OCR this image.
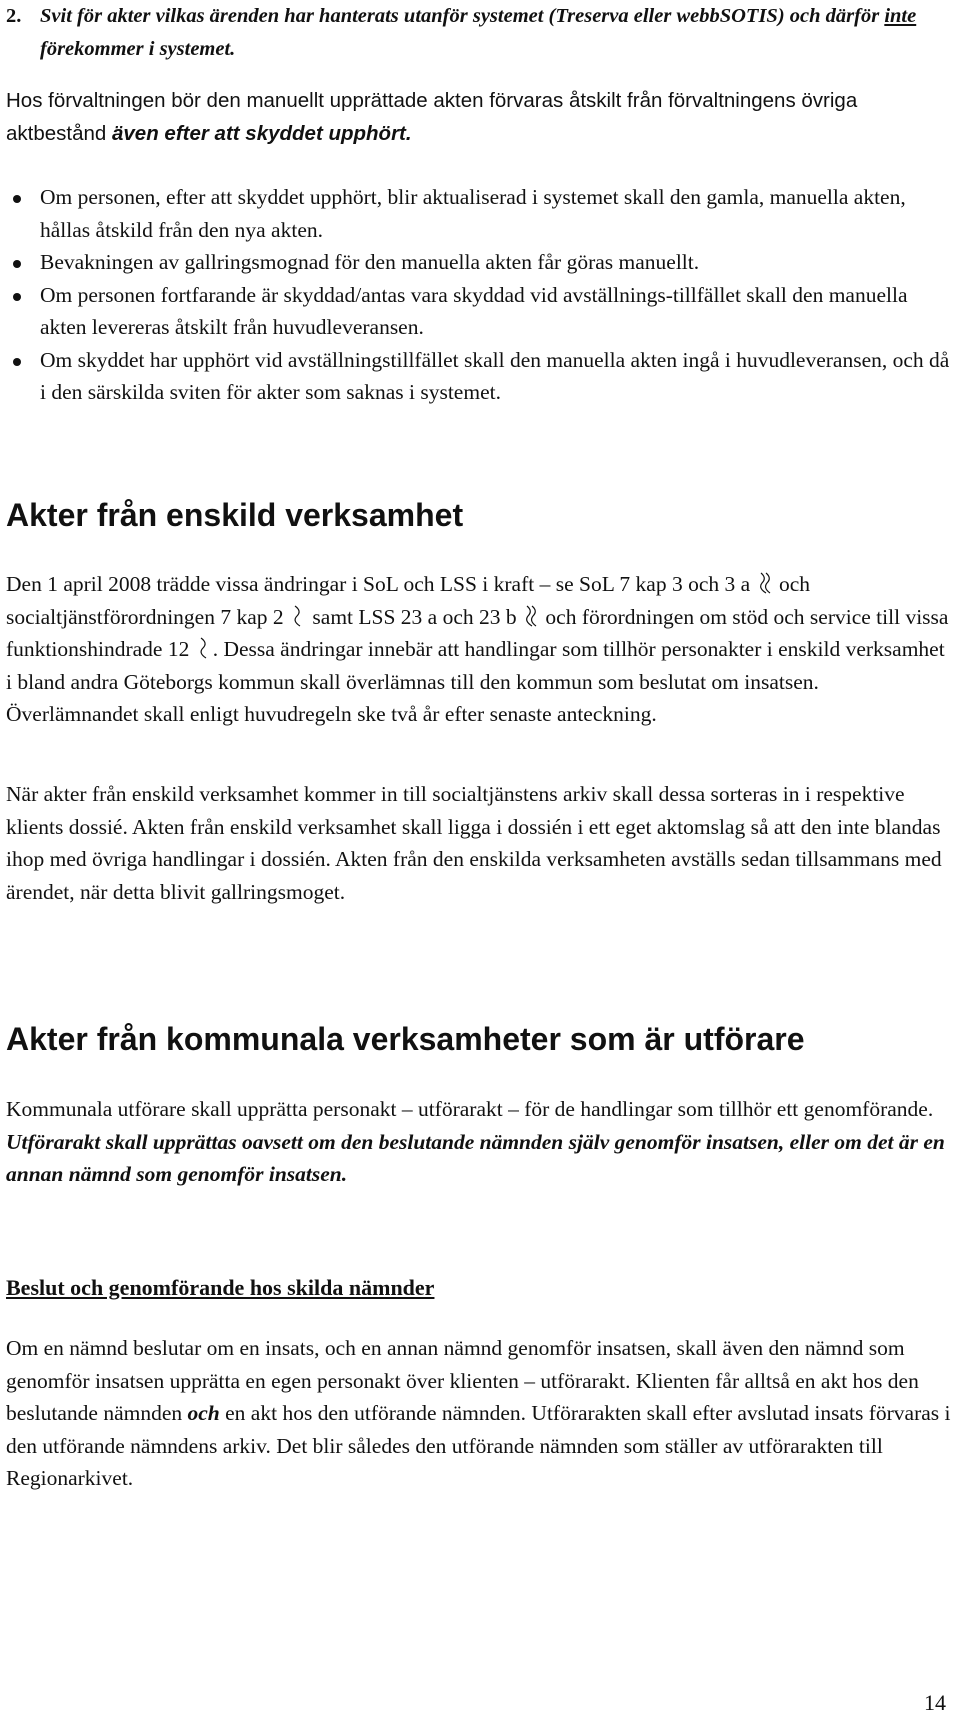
2. Svit för akter vilkas ärenden har hanterats utanför systemet (Treserva eller webbSOTIS) och därför inte förekommer i systemet.

Hos förvaltningen bör den manuellt upprättade akten förvaras åtskilt från förvaltningens övriga aktbestånd även efter att skyddet upphört.

Om personen, efter att skyddet upphört, blir aktualiserad i systemet skall den gamla, manuella akten, hållas åtskild från den nya akten.
Bevakningen av gallringsmognad för den manuella akten får göras manuellt.
Om personen fortfarande är skyddad/antas vara skyddad vid avställnings-tillfället skall den manuella akten levereras åtskilt från huvudleveransen.
Om skyddet har upphört vid avställningstillfället skall den manuella akten ingå i huvudleveransen, och då i den särskilda sviten för akter som saknas i systemet.
Akter från enskild verksamhet

Den 1 april 2008 trädde vissa ändringar i SoL och LSS i kraft – se SoL 7 kap 3 och 3 a och socialtjänstförordningen 7 kap 2 samt LSS 23 a och 23 b och förordningen om stöd och service till vissa funktionshindrade 12 . Dessa ändringar innebär att handlingar som tillhör personakter i enskild verksamhet i bland andra Göteborgs kommun skall överlämnas till den kommun som beslutat om insatsen. Överlämnandet skall enligt huvudregeln ske två år efter senaste anteckning.

När akter från enskild verksamhet kommer in till socialtjänstens arkiv skall dessa sorteras in i respektive klients dossié. Akten från enskild verksamhet skall ligga i dossién i ett eget aktomslag så att den inte blandas ihop med övriga handlingar i dossién. Akten från den enskilda verksamheten avställs sedan tillsammans med ärendet, när detta blivit gallringsmoget.

Akter från kommunala verksamheter som är utförare

Kommunala utförare skall upprätta personakt – utförarakt – för de handlingar som tillhör ett genomförande. Utförarakt skall upprättas oavsett om den beslutande nämnden själv genomför insatsen, eller om det är en annan nämnd som genomför insatsen.

Beslut och genomförande hos skilda nämnder

Om en nämnd beslutar om en insats, och en annan nämnd genomför insatsen, skall även den nämnd som genomför insatsen upprätta en egen personakt över klienten – utförarakt. Klienten får alltså en akt hos den beslutande nämnden och en akt hos den utförande nämnden. Utförarakten skall efter avslutad insats förvaras i den utförande nämndens arkiv. Det blir således den utförande nämnden som ställer av utförarakten till Regionarkivet.

14
